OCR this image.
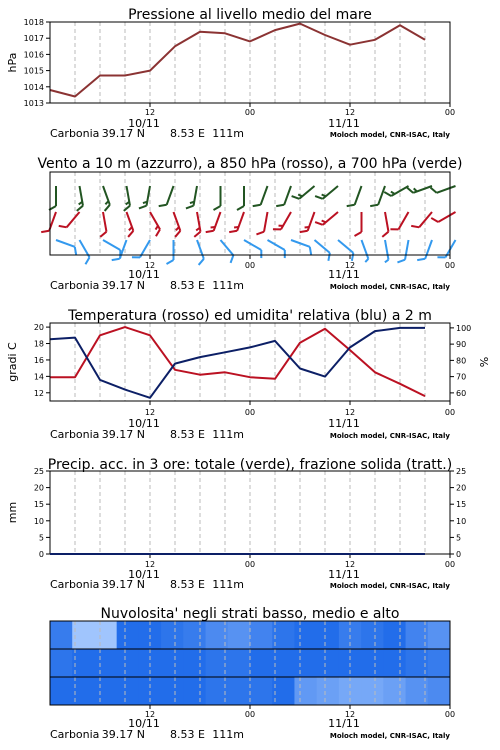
Pressione al livello medio del mare
12	00	12	00
10/11	11/11
Carbonia 39.17 N 8.53 E 111m	Moloch model, CNR-ISAC, Italy
1013
1014
1015
1016
1017
1018
hPa
Vento a 10 m (azzurro), a 850 hPa (rosso), a 700 hPa (verde)
12	00	12	00
10/11	11/11
Carbonia 39.17 N 8.53 E 111m	Moloch model, CNR-ISAC, Italy
Temperatura (rosso) ed umidita' relativa (blu) a 2 m
12	00	12	00
10/11	11/11
Carbonia 39.17 N 8.53 E 111m	Moloch model, CNR-ISAC, Italy
12
14
16
18
20
60
70
80
90
100
gradi C	%
Precip. acc. in 3 ore: totale (verde), frazione solida (tratt.)
12	00	12	00
10/11	11/11
Carbonia 39.17 N 8.53 E 111m	Moloch model, CNR-ISAC, Italy
0
5
10
15
20
25
0
5
10
15
20
25
mm
Nuvolosita' negli strati basso, medio e alto
12	00	12	00
10/11	11/11
Carbonia 39.17 N 8.53 E 111m	Moloch model, CNR-ISAC, Italy
